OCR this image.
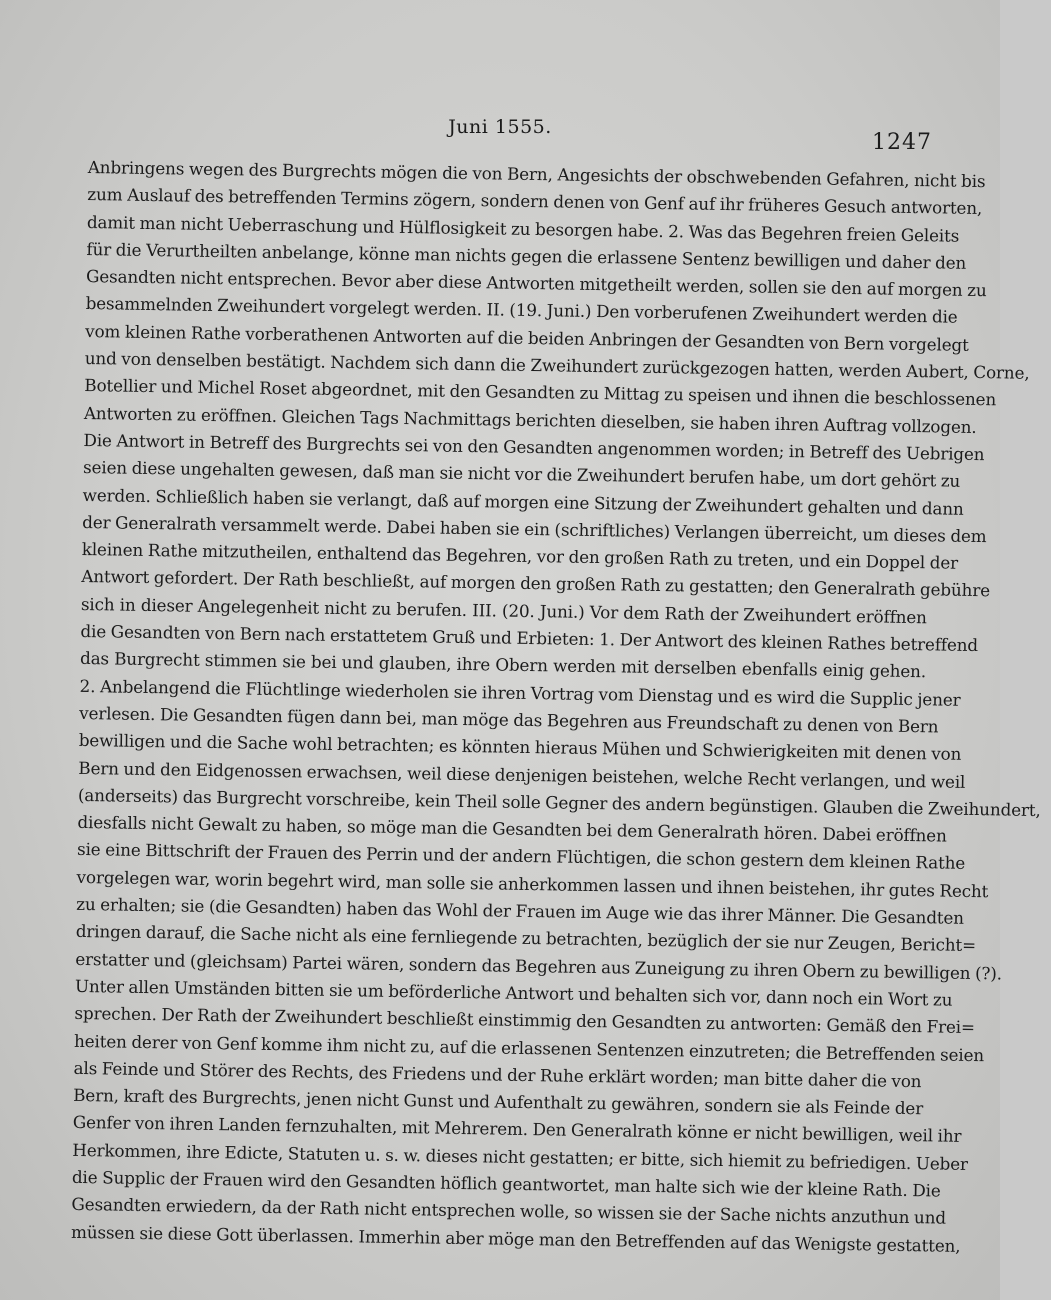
Juni 1555.
1247
Anbringens wegen des Burgrechts mögen die von Bern, Angesichts der obschwebenden Gefahren, nicht bis
zum Auslauf des betreffenden Termins zögern, sondern denen von Genf auf ihr früheres Gesuch antworten,
damit man nicht Ueberraschung und Hülflosigkeit zu besorgen habe. 2. Was das Begehren freien Geleits
für die Verurtheilten anbelange, könne man nichts gegen die erlassene Sentenz bewilligen und daher den
Gesandten nicht entsprechen. Bevor aber diese Antworten mitgetheilt werden, sollen sie den auf morgen zu
besammelnden Zweihundert vorgelegt werden. II. (19. Juni.) Den vorberufenen Zweihundert werden die
vom kleinen Rathe vorberathenen Antworten auf die beiden Anbringen der Gesandten von Bern vorgelegt
und von denselben bestätigt. Nachdem sich dann die Zweihundert zurückgezogen hatten, werden Aubert, Corne,
Botellier und Michel Roset abgeordnet, mit den Gesandten zu Mittag zu speisen und ihnen die beschlossenen
Antworten zu eröffnen. Gleichen Tags Nachmittags berichten dieselben, sie haben ihren Auftrag vollzogen.
Die Antwort in Betreff des Burgrechts sei von den Gesandten angenommen worden; in Betreff des Uebrigen
seien diese ungehalten gewesen, daß man sie nicht vor die Zweihundert berufen habe, um dort gehört zu
werden. Schließlich haben sie verlangt, daß auf morgen eine Sitzung der Zweihundert gehalten und dann
der Generalrath versammelt werde. Dabei haben sie ein (schriftliches) Verlangen überreicht, um dieses dem
kleinen Rathe mitzutheilen, enthaltend das Begehren, vor den großen Rath zu treten, und ein Doppel der
Antwort gefordert. Der Rath beschließt, auf morgen den großen Rath zu gestatten; den Generalrath gebühre
sich in dieser Angelegenheit nicht zu berufen. III. (20. Juni.) Vor dem Rath der Zweihundert eröffnen
die Gesandten von Bern nach erstattetem Gruß und Erbieten: 1. Der Antwort des kleinen Rathes betreffend
das Burgrecht stimmen sie bei und glauben, ihre Obern werden mit derselben ebenfalls einig gehen.
2. Anbelangend die Flüchtlinge wiederholen sie ihren Vortrag vom Dienstag und es wird die Supplic jener
verlesen. Die Gesandten fügen dann bei, man möge das Begehren aus Freundschaft zu denen von Bern
bewilligen und die Sache wohl betrachten; es könnten hieraus Mühen und Schwierigkeiten mit denen von
Bern und den Eidgenossen erwachsen, weil diese denjenigen beistehen, welche Recht verlangen, und weil
(anderseits) das Burgrecht vorschreibe, kein Theil solle Gegner des andern begünstigen. Glauben die Zweihundert,
diesfalls nicht Gewalt zu haben, so möge man die Gesandten bei dem Generalrath hören. Dabei eröffnen
sie eine Bittschrift der Frauen des Perrin und der andern Flüchtigen, die schon gestern dem kleinen Rathe
vorgelegen war, worin begehrt wird, man solle sie anherkommen lassen und ihnen beistehen, ihr gutes Recht
zu erhalten; sie (die Gesandten) haben das Wohl der Frauen im Auge wie das ihrer Männer. Die Gesandten
dringen darauf, die Sache nicht als eine fernliegende zu betrachten, bezüglich der sie nur Zeugen, Bericht=
erstatter und (gleichsam) Partei wären, sondern das Begehren aus Zuneigung zu ihren Obern zu bewilligen (?).
Unter allen Umständen bitten sie um beförderliche Antwort und behalten sich vor, dann noch ein Wort zu
sprechen. Der Rath der Zweihundert beschließt einstimmig den Gesandten zu antworten: Gemäß den Frei=
heiten derer von Genf komme ihm nicht zu, auf die erlassenen Sentenzen einzutreten; die Betreffenden seien
als Feinde und Störer des Rechts, des Friedens und der Ruhe erklärt worden; man bitte daher die von
Bern, kraft des Burgrechts, jenen nicht Gunst und Aufenthalt zu gewähren, sondern sie als Feinde der
Genfer von ihren Landen fernzuhalten, mit Mehrerem. Den Generalrath könne er nicht bewilligen, weil ihr
Herkommen, ihre Edicte, Statuten u. s. w. dieses nicht gestatten; er bitte, sich hiemit zu befriedigen. Ueber
die Supplic der Frauen wird den Gesandten höflich geantwortet, man halte sich wie der kleine Rath. Die
Gesandten erwiedern, da der Rath nicht entsprechen wolle, so wissen sie der Sache nichts anzuthun und
müssen sie diese Gott überlassen. Immerhin aber möge man den Betreffenden auf das Wenigste gestatten,
